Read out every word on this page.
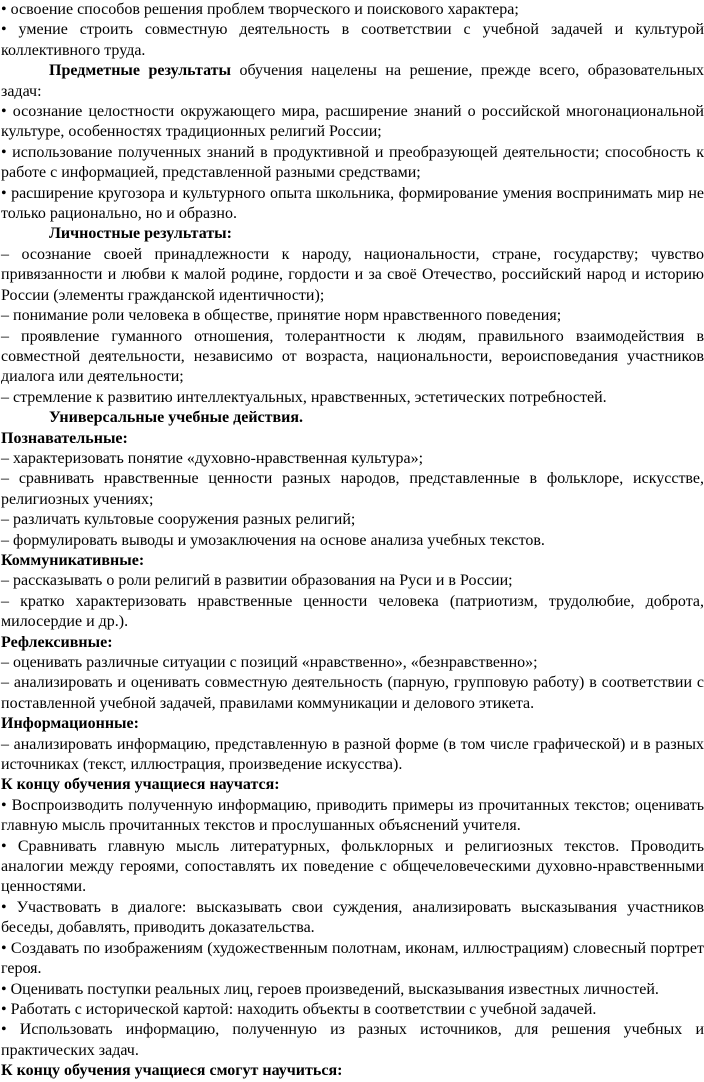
• освоение способов решения проблем творческого и поискового характера;

• умение строить совместную деятельность в соответствии с учебной задачей и культурой коллективного труда.

Предметные результаты обучения нацелены на решение, прежде всего, образовательных задач:

• осознание целостности окружающего мира, расширение знаний о российской многонациональной культуре, особенностях традиционных религий России;

• использование полученных знаний в продуктивной и преобразующей деятельности; способность к работе с информацией, представленной разными средствами;

• расширение кругозора и культурного опыта школьника, формирование умения воспринимать мир не только рационально, но и образно.

Личностные результаты:

– осознание своей принадлежности к народу, национальности, стране, государству; чувство привязанности и любви к малой родине, гордости и за своё Отечество, российский народ и историю России (элементы гражданской идентичности);

– понимание роли человека в обществе, принятие норм нравственного поведения;

– проявление гуманного отношения, толерантности к людям, правильного взаимодействия в совместной деятельности, независимо от возраста, национальности, вероисповедания участников диалога или деятельности;

– стремление к развитию интеллектуальных, нравственных, эстетических потребностей.

Универсальные учебные действия.

Познавательные:

– характеризовать понятие «духовно-нравственная культура»;

– сравнивать нравственные ценности разных народов, представленные в фольклоре, искусстве, религиозных учениях;

– различать культовые сооружения разных религий;

– формулировать выводы и умозаключения на основе анализа учебных текстов.

Коммуникативные:

– рассказывать о роли религий в развитии образования на Руси и в России;

– кратко характеризовать нравственные ценности человека (патриотизм, трудолюбие, доброта, милосердие и др.).

Рефлексивные:

– оценивать различные ситуации с позиций «нравственно», «безнравственно»;

– анализировать и оценивать совместную деятельность (парную, групповую работу) в соответствии с поставленной учебной задачей, правилами коммуникации и делового этикета.

Информационные:

– анализировать информацию, представленную в разной форме (в том числе графической) и в разных источниках (текст, иллюстрация, произведение искусства).

К концу обучения учащиеся научатся:

• Воспроизводить полученную информацию, приводить примеры из прочитанных текстов; оценивать главную мысль прочитанных текстов и прослушанных объяснений учителя.

• Сравнивать главную мысль литературных, фольклорных и религиозных текстов. Проводить аналогии между героями, сопоставлять их поведение с общечеловеческими духовно-нравственными ценностями.

• Участвовать в диалоге: высказывать свои суждения, анализировать высказывания участников беседы, добавлять, приводить доказательства.

• Создавать по изображениям (художественным полотнам, иконам, иллюстрациям) словесный портрет героя.

• Оценивать поступки реальных лиц, героев произведений, высказывания известных личностей.

• Работать с исторической картой: находить объекты в соответствии с учебной задачей.

• Использовать информацию, полученную из разных источников, для решения учебных и практических задач.

К концу обучения учащиеся смогут научиться:
